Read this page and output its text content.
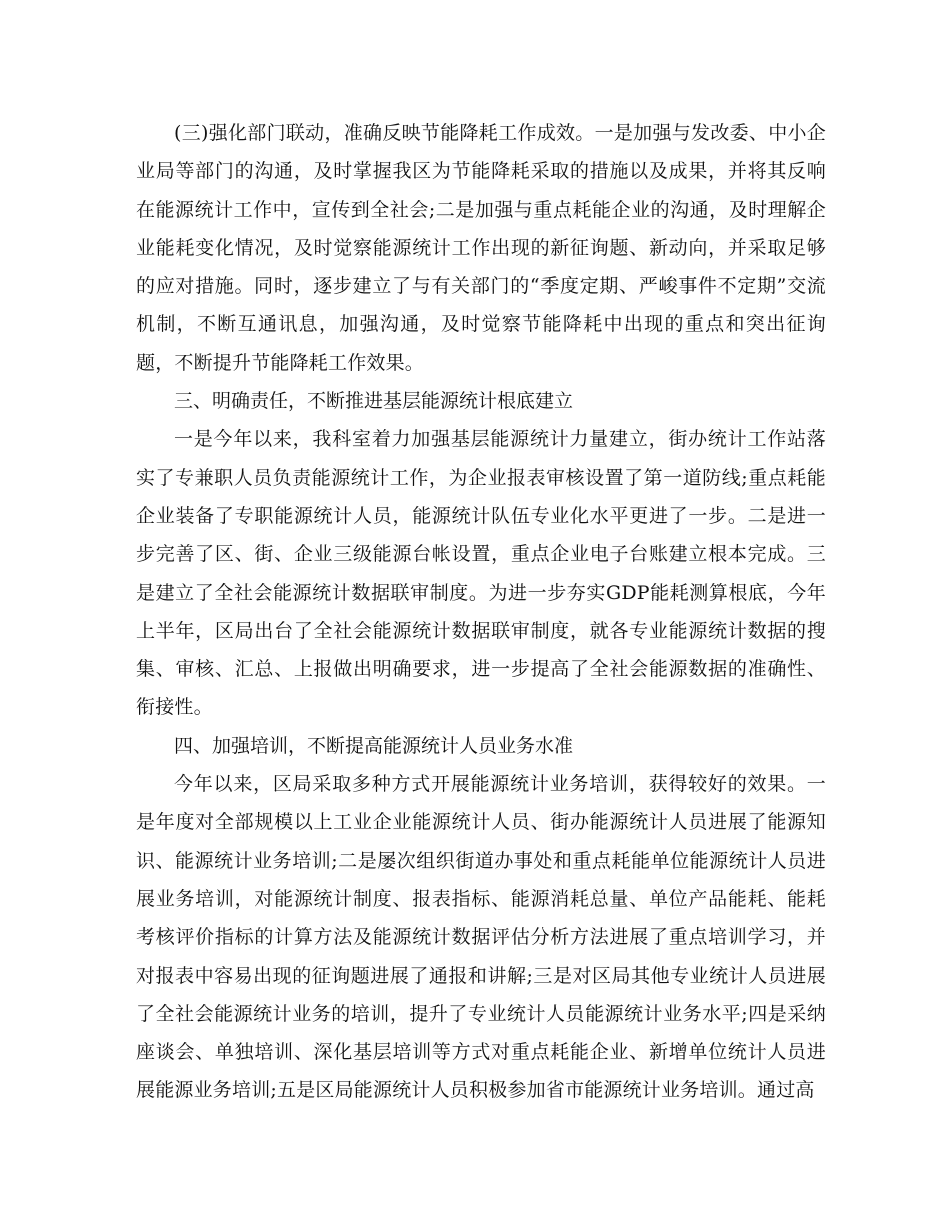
(三)强化部门联动，准确反映节能降耗工作成效。一是加强与发改委、中小企业局等部门的沟通，及时掌握我区为节能降耗采取的措施以及成果，并将其反响在能源统计工作中，宣传到全社会;二是加强与重点耗能企业的沟通，及时理解企业能耗变化情况，及时觉察能源统计工作出现的新征询题、新动向，并采取足够的应对措施。同时，逐步建立了与有关部门的“季度定期、严峻事件不定期”交流机制，不断互通讯息，加强沟通，及时觉察节能降耗中出现的重点和突出征询题，不断提升节能降耗工作效果。

三、明确责任，不断推进基层能源统计根底建立

一是今年以来，我科室着力加强基层能源统计力量建立，街办统计工作站落实了专兼职人员负责能源统计工作，为企业报表审核设置了第一道防线;重点耗能企业装备了专职能源统计人员，能源统计队伍专业化水平更进了一步。二是进一步完善了区、街、企业三级能源台帐设置，重点企业电子台账建立根本完成。三是建立了全社会能源统计数据联审制度。为进一步夯实GDP能耗测算根底，今年上半年，区局出台了全社会能源统计数据联审制度，就各专业能源统计数据的搜集、审核、汇总、上报做出明确要求，进一步提高了全社会能源数据的准确性、衔接性。

四、加强培训，不断提高能源统计人员业务水准

今年以来，区局采取多种方式开展能源统计业务培训，获得较好的效果。一是年度对全部规模以上工业企业能源统计人员、街办能源统计人员进展了能源知识、能源统计业务培训;二是屡次组织街道办事处和重点耗能单位能源统计人员进展业务培训，对能源统计制度、报表指标、能源消耗总量、单位产品能耗、能耗考核评价指标的计算方法及能源统计数据评估分析方法进展了重点培训学习，并对报表中容易出现的征询题进展了通报和讲解;三是对区局其他专业统计人员进展了全社会能源统计业务的培训，提升了专业统计人员能源统计业务水平;四是采纳座谈会、单独培训、深化基层培训等方式对重点耗能企业、新增单位统计人员进展能源业务培训;五是区局能源统计人员积极参加省市能源统计业务培训。通过高
